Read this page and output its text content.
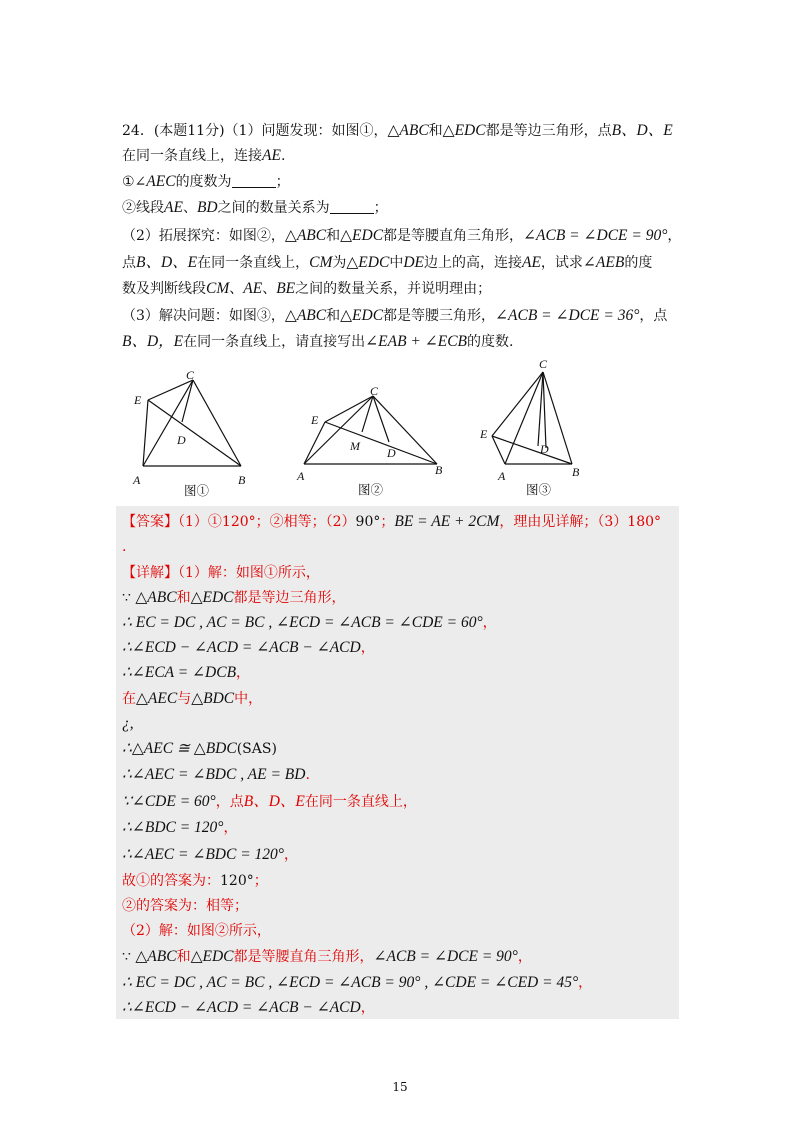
24．(本题11分)（1）问题发现：如图①，△ABC和△EDC都是等边三角形，点B、D、E
在同一条直线上，连接AE.
①∠AEC的度数为	；
②线段AE、BD之间的数量关系为	；
（2）拓展探究：如图②，△ABC和△EDC都是等腰直角三角形，∠ACB = ∠DCE = 90°，
点B、D、E在同一条直线上，CM为△EDC中DE边上的高，连接AE，试求∠AEB的度
数及判断线段CM、AE、BE之间的数量关系，并说明理由；
（3）解决问题：如图③，△ABC和△EDC都是等腰三角形，∠ACB = ∠DCE = 36°，点
B、D，E在同一条直线上，请直接写出∠EAB + ∠ECB的度数.
C
E
D
A	B
图①
C
E
M D
A	B
图②
C
E
D
A	B
图③
【答案】（1）①120°；②相等；（2）90°；BE = AE + 2CM，理由见详解；（3）180°
.
【详解】（1）解：如图①所示，
∵ △ABC和△EDC都是等边三角形，
∴ EC = DC , AC = BC , ∠ECD = ∠ACB = ∠CDE = 60°，
∴∠ECD − ∠ACD = ∠ACB − ∠ACD，
∴∠ECA = ∠DCB，
在△AEC与△BDC中，
¿,
∴△AEC ≅ △BDC(SAS)
∴∠AEC = ∠BDC , AE = BD.
∵∠CDE = 60°，点B、D、E在同一条直线上，
∴∠BDC = 120°，
∴∠AEC = ∠BDC = 120°，
故①的答案为：120°；
②的答案为：相等；
（2）解：如图②所示，
∵ △ABC和△EDC都是等腰直角三角形，∠ACB = ∠DCE = 90°，
∴ EC = DC , AC = BC , ∠ECD = ∠ACB = 90° , ∠CDE = ∠CED = 45°，
∴∠ECD − ∠ACD = ∠ACB − ∠ACD，
15
